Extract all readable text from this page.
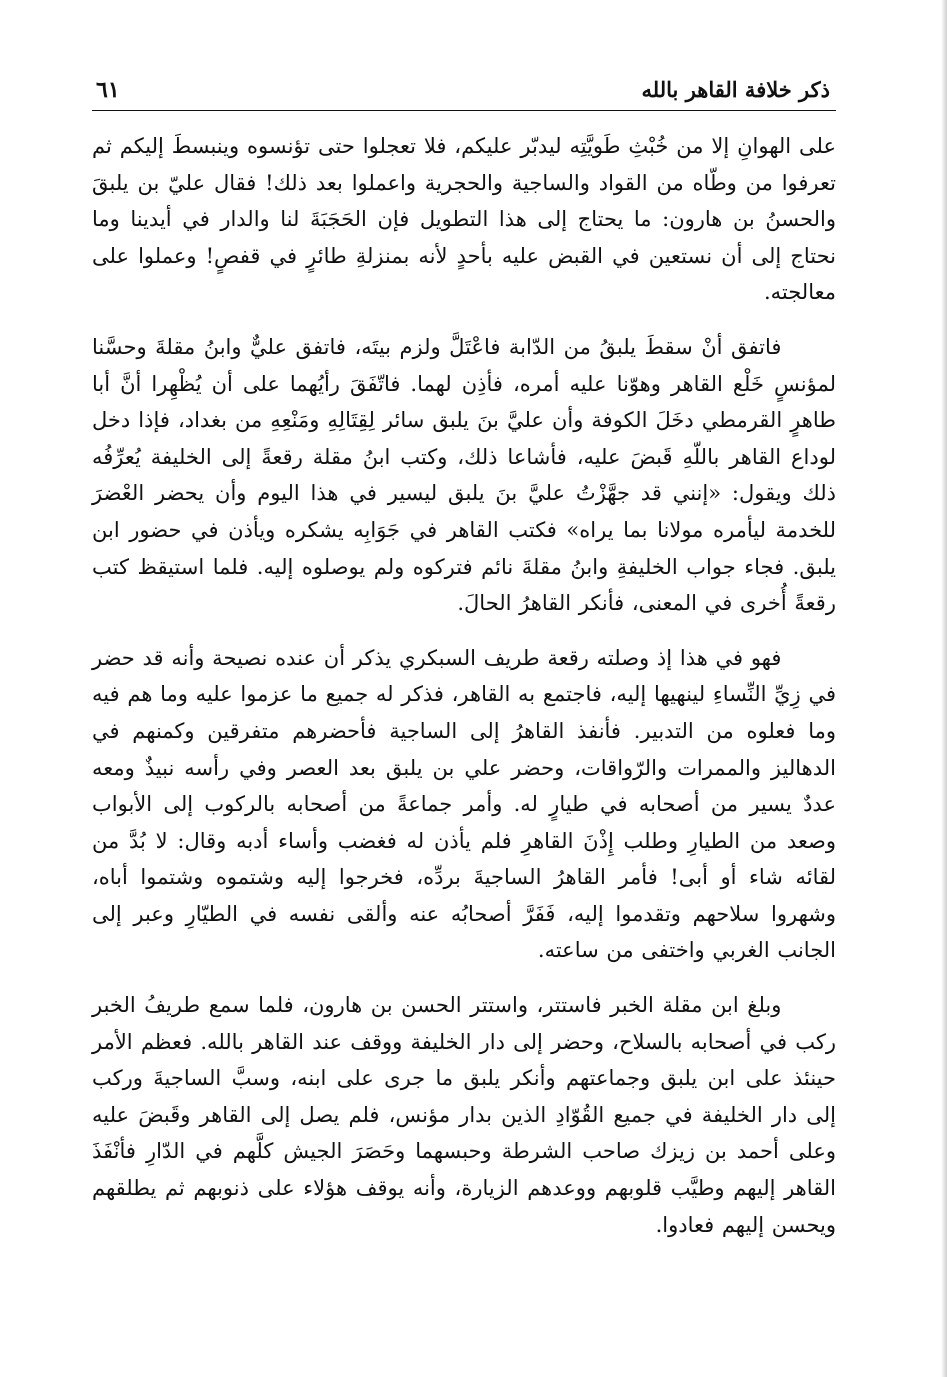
ذكر خلافة القاهر بالله
٦١

على الهوانِ إلا من خُبْثِ طَويَّتِه ليدبّر عليكم، فلا تعجلوا حتى تؤنسوه وينبسطَ إليكم ثم تعرفوا من وطّاه من القواد والساجية والحجرية واعملوا بعد ذلك! فقال عليّ بن يلبقَ والحسنُ بن هارون: ما يحتاج إلى هذا التطويل فإن الحَجَبَةَ لنا والدار في أيدينا وما نحتاج إلى أن نستعين في القبض عليه بأحدٍ لأنه بمنزلةِ طائرٍ في قفصٍ! وعملوا على معالجته.

فاتفق أنْ سقطَ يلبقُ من الدّابة فاعْتَلَّ ولزم بيتَه، فاتفق عليٌّ وابنُ مقلةَ وحسَّنا لمؤنسٍ خَلْع القاهر وهوّنا عليه أمره، فأذِن لهما. فاتّفَقَ رأيُهما على أن يُظْهِرا أنَّ أبا طاهرٍ القرمطي دخَلَ الكوفة وأن عليَّ بنَ يلبق سائر لِقِتَالِهِ ومَنْعِهِ من بغداد، فإذا دخل لوداع القاهر باللّهِ قَبضَ عليه، فأشاعا ذلك، وكتب ابنُ مقلة رقعةً إلى الخليفة يُعرِّفُه ذلك ويقول: «إنني قد جهَّزْتُ عليَّ بنَ يلبق ليسير في هذا اليوم وأن يحضر العْضرَ للخدمة ليأمره مولانا بما يراه» فكتب القاهر في جَوَابِه يشكره ويأذن في حضور ابن يلبق. فجاء جواب الخليفةِ وابنُ مقلةَ نائم فتركوه ولم يوصلوه إليه. فلما استيقظ كتب رقعةً أُخرى في المعنى، فأنكر القاهرُ الحالَ.

فهو في هذا إذ وصلته رقعة طريف السبكري يذكر أن عنده نصيحة وأنه قد حضر في زِيِّ النِّساءِ لينهيها إليه، فاجتمع به القاهر، فذكر له جميع ما عزموا عليه وما هم فيه وما فعلوه من التدبير. فأنفذ القاهرُ إلى الساجية فأحضرهم متفرقين وكمنهم في الدهاليز والممرات والرّواقات، وحضر علي بن يلبق بعد العصر وفي رأسه نبيذٌ ومعه عددٌ يسير من أصحابه في طيارٍ له. وأمر جماعةً من أصحابه بالركوب إلى الأبواب وصعد من الطيارِ وطلب إِذْنَ القاهرِ فلم يأذن له فغضب وأساء أدبه وقال: لا بُدَّ من لقائه شاء أو أبى! فأمر القاهرُ الساجيةَ بردِّه، فخرجوا إليه وشتموه وشتموا أباه، وشهروا سلاحهم وتقدموا إليه، فَفَرَّ أصحابُه عنه وألقى نفسه في الطيّارِ وعبر إلى الجانب الغربي واختفى من ساعته.

وبلغ ابن مقلة الخبر فاستتر، واستتر الحسن بن هارون، فلما سمع طريفُ الخبر ركب في أصحابه بالسلاح، وحضر إلى دار الخليفة ووقف عند القاهر بالله. فعظم الأمر حينئذ على ابن يلبق وجماعتهم وأنكر يلبق ما جرى على ابنه، وسبَّ الساجيةَ وركب إلى دار الخليفة في جميع القُوّادِ الذين بدار مؤنس، فلم يصل إلى القاهر وقَبضَ عليه وعلى أحمد بن زيزك صاحب الشرطة وحبسهما وحَصَرَ الجيش كلَّهم في الدّارِ فأنْفَذَ القاهر إليهم وطيَّب قلوبهم ووعدهم الزيارة، وأنه يوقف هؤلاء على ذنوبهم ثم يطلقهم ويحسن إليهم فعادوا.
